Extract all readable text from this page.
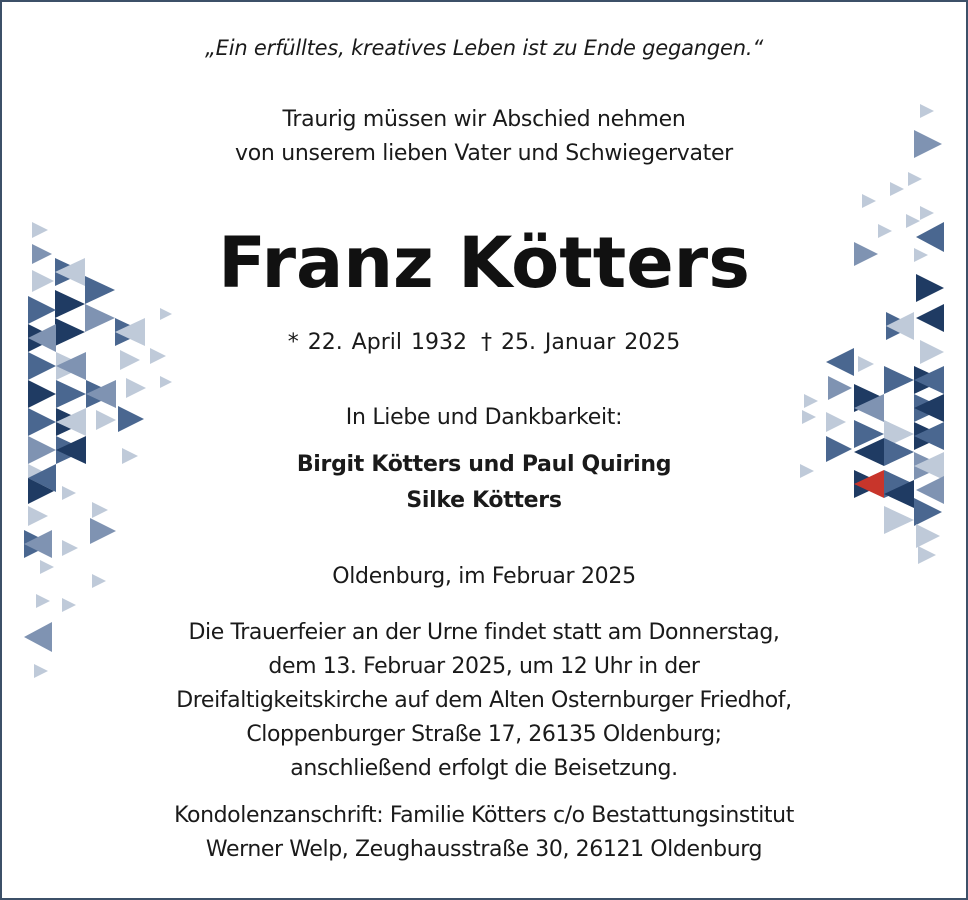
„Ein erfülltes, kreatives Leben ist zu Ende gegangen.“
Traurig müssen wir Abschied nehmen
von unserem lieben Vater und Schwiegervater
Franz Kötters
* 22. April 1932 † 25. Januar 2025
In Liebe und Dankbarkeit:
Birgit Kötters und Paul Quiring
Silke Kötters
Oldenburg, im Februar 2025
Die Trauerfeier an der Urne findet statt am Donnerstag,
dem 13. Februar 2025, um 12 Uhr in der
Dreifaltigkeitskirche auf dem Alten Osternburger Friedhof,
Cloppenburger Straße 17, 26135 Oldenburg;
anschließend erfolgt die Beisetzung.
Kondolenzanschrift: Familie Kötters c/o Bestattungsinstitut
Werner Welp, Zeughausstraße 30, 26121 Oldenburg
